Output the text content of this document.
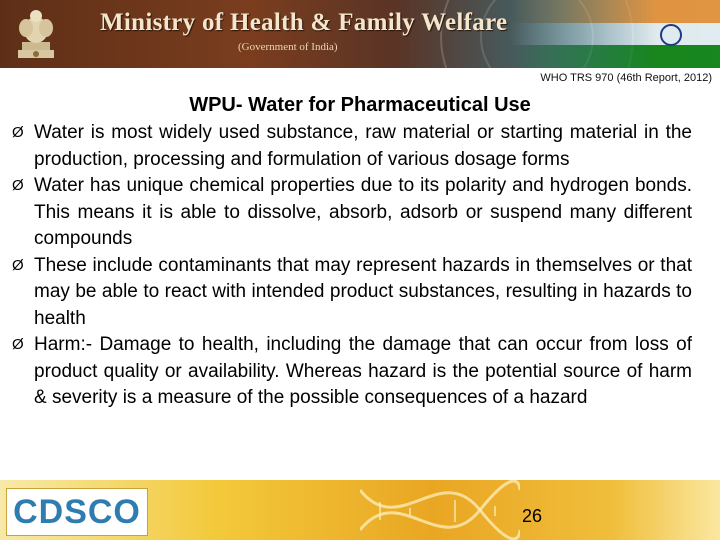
Ministry of Health & Family Welfare
(Government of India)
WHO TRS 970 (46th Report, 2012)
WPU- Water for Pharmaceutical Use
Ø Water is most widely used substance, raw material or starting material in the production, processing and formulation of various dosage forms
Ø Water has unique chemical properties due to its polarity and hydrogen bonds. This means it is able to dissolve, absorb, adsorb or suspend many different compounds
Ø These include contaminants that may represent hazards in themselves or that may be able to react with intended product substances, resulting in hazards to health
Ø Harm:- Damage to health, including the damage that can occur from loss of product quality or availability. Whereas hazard is the potential source of harm & severity is a measure of the possible consequences of a hazard
CDSCO	26
